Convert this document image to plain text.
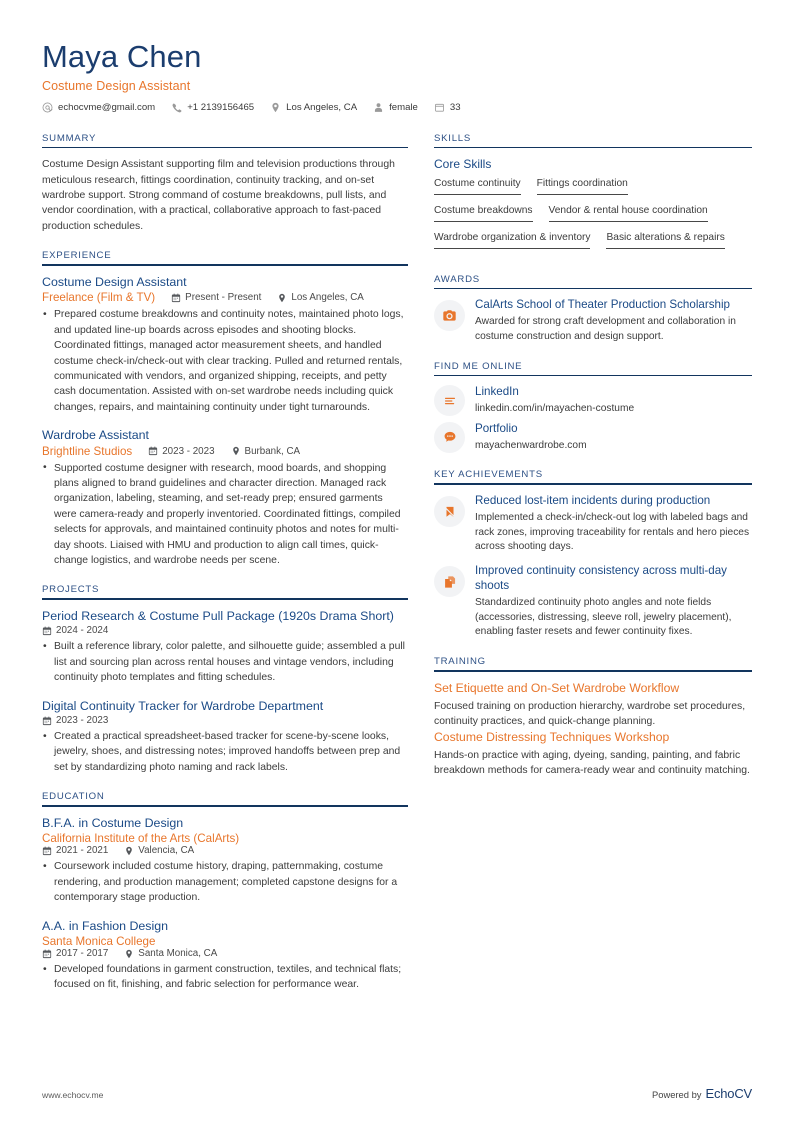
Maya Chen
Costume Design Assistant
echocvme@gmail.com	+1 2139156465	Los Angeles, CA	female	33
SUMMARY
Costume Design Assistant supporting film and television productions through meticulous research, fittings coordination, continuity tracking, and on-set wardrobe support. Strong command of costume breakdowns, pull lists, and vendor coordination, with a practical, collaborative approach to fast-paced production schedules.
EXPERIENCE
Costume Design Assistant
Freelance (Film & TV)	Present - Present	Los Angeles, CA
• Prepared costume breakdowns and continuity notes, maintained photo logs, and updated line-up boards across episodes and shooting blocks. Coordinated fittings, managed actor measurement sheets, and handled costume check-in/check-out with clear tracking. Pulled and returned rentals, communicated with vendors, and organized shipping, receipts, and petty cash documentation. Assisted with on-set wardrobe needs including quick changes, repairs, and maintaining continuity under tight turnarounds.
Wardrobe Assistant
Brightline Studios	2023 - 2023	Burbank, CA
• Supported costume designer with research, mood boards, and shopping plans aligned to brand guidelines and character direction. Managed rack organization, labeling, steaming, and set-ready prep; ensured garments were camera-ready and properly inventoried. Coordinated fittings, compiled selects for approvals, and maintained continuity photos and notes for multi-day shoots. Liaised with HMU and production to align call times, quick-change logistics, and wardrobe needs per scene.
PROJECTS
Period Research & Costume Pull Package (1920s Drama Short)
2024 - 2024
• Built a reference library, color palette, and silhouette guide; assembled a pull list and sourcing plan across rental houses and vintage vendors, including continuity photo templates and fitting schedules.
Digital Continuity Tracker for Wardrobe Department
2023 - 2023
• Created a practical spreadsheet-based tracker for scene-by-scene looks, jewelry, shoes, and distressing notes; improved handoffs between prep and set by standardizing photo naming and rack labels.
EDUCATION
B.F.A. in Costume Design
California Institute of the Arts (CalArts)
2021 - 2021	Valencia, CA
• Coursework included costume history, draping, patternmaking, costume rendering, and production management; completed capstone designs for a contemporary stage production.
A.A. in Fashion Design
Santa Monica College
2017 - 2017	Santa Monica, CA
• Developed foundations in garment construction, textiles, and technical flats; focused on fit, finishing, and fabric selection for performance wear.
SKILLS
Core Skills
Costume continuity Fittings coordination
Costume breakdowns Vendor & rental house coordination
Wardrobe organization & inventory Basic alterations & repairs
AWARDS
CalArts School of Theater Production Scholarship
Awarded for strong craft development and collaboration in costume construction and design support.
FIND ME ONLINE
LinkedIn
linkedin.com/in/mayachen-costume
Portfolio
mayachenwardrobe.com
KEY ACHIEVEMENTS
Reduced lost-item incidents during production
Implemented a check-in/check-out log with labeled bags and rack zones, improving traceability for rentals and hero pieces across shooting days.
Improved continuity consistency across multi-day shoots
Standardized continuity photo angles and note fields (accessories, distressing, sleeve roll, jewelry placement), enabling faster resets and fewer continuity fixes.
TRAINING
Set Etiquette and On-Set Wardrobe Workflow
Focused training on production hierarchy, wardrobe set procedures, continuity practices, and quick-change planning.
Costume Distressing Techniques Workshop
Hands-on practice with aging, dyeing, sanding, painting, and fabric breakdown methods for camera-ready wear and continuity matching.
www.echocv.me	Powered by EchoCV
